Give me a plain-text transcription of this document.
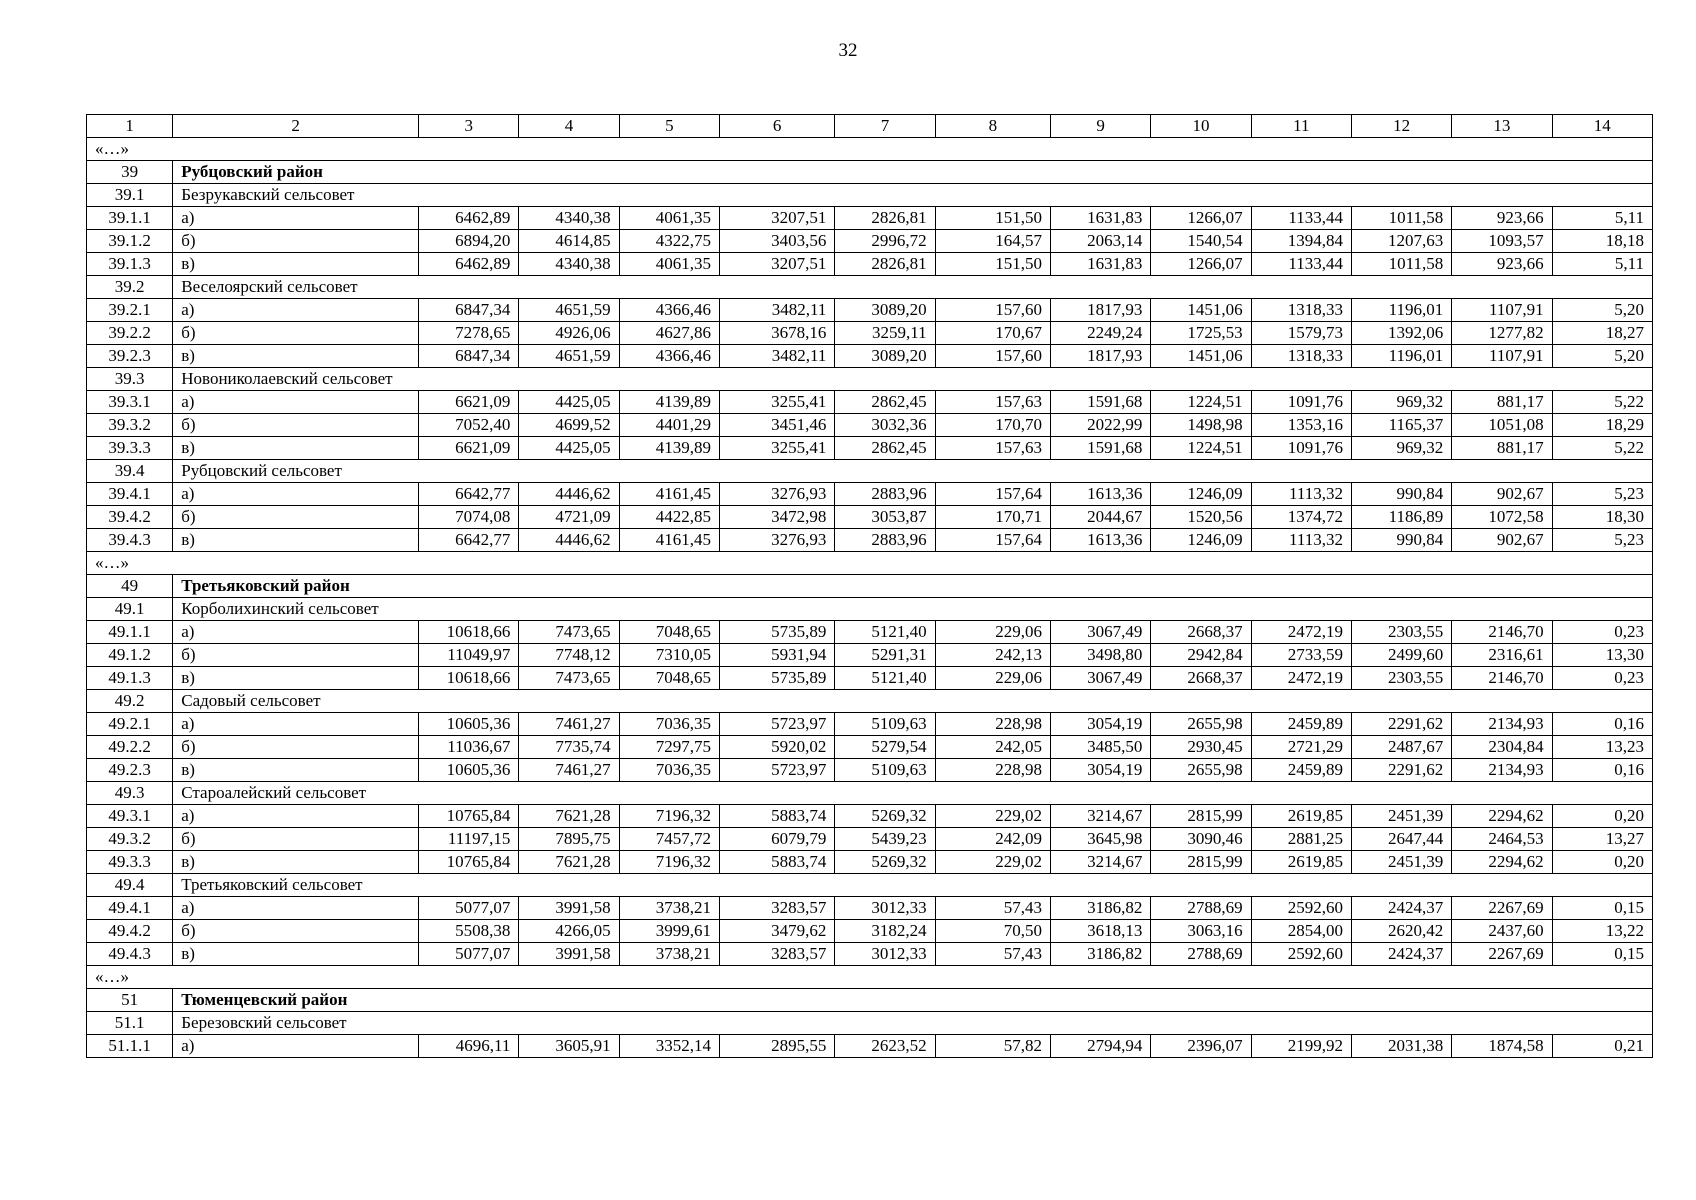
32
1	2	3	4	5	6	7	8	9	10	11	12	13	14
«…»													
39	Рубцовский район												
39.1	Безрукавский сельсовет												
39.1.1	а)	6462,89	4340,38	4061,35	3207,51	2826,81	151,50	1631,83	1266,07	1133,44	1011,58	923,66	5,11
39.1.2	б)	6894,20	4614,85	4322,75	3403,56	2996,72	164,57	2063,14	1540,54	1394,84	1207,63	1093,57	18,18
39.1.3	в)	6462,89	4340,38	4061,35	3207,51	2826,81	151,50	1631,83	1266,07	1133,44	1011,58	923,66	5,11
39.2	Веселоярский сельсовет												
39.2.1	а)	6847,34	4651,59	4366,46	3482,11	3089,20	157,60	1817,93	1451,06	1318,33	1196,01	1107,91	5,20
39.2.2	б)	7278,65	4926,06	4627,86	3678,16	3259,11	170,67	2249,24	1725,53	1579,73	1392,06	1277,82	18,27
39.2.3	в)	6847,34	4651,59	4366,46	3482,11	3089,20	157,60	1817,93	1451,06	1318,33	1196,01	1107,91	5,20
39.3	Новониколаевский сельсовет												
39.3.1	а)	6621,09	4425,05	4139,89	3255,41	2862,45	157,63	1591,68	1224,51	1091,76	969,32	881,17	5,22
39.3.2	б)	7052,40	4699,52	4401,29	3451,46	3032,36	170,70	2022,99	1498,98	1353,16	1165,37	1051,08	18,29
39.3.3	в)	6621,09	4425,05	4139,89	3255,41	2862,45	157,63	1591,68	1224,51	1091,76	969,32	881,17	5,22
39.4	Рубцовский сельсовет												
39.4.1	а)	6642,77	4446,62	4161,45	3276,93	2883,96	157,64	1613,36	1246,09	1113,32	990,84	902,67	5,23
39.4.2	б)	7074,08	4721,09	4422,85	3472,98	3053,87	170,71	2044,67	1520,56	1374,72	1186,89	1072,58	18,30
39.4.3	в)	6642,77	4446,62	4161,45	3276,93	2883,96	157,64	1613,36	1246,09	1113,32	990,84	902,67	5,23
«…»													
49	Третьяковский район												
49.1	Корболихинский сельсовет												
49.1.1	а)	10618,66	7473,65	7048,65	5735,89	5121,40	229,06	3067,49	2668,37	2472,19	2303,55	2146,70	0,23
49.1.2	б)	11049,97	7748,12	7310,05	5931,94	5291,31	242,13	3498,80	2942,84	2733,59	2499,60	2316,61	13,30
49.1.3	в)	10618,66	7473,65	7048,65	5735,89	5121,40	229,06	3067,49	2668,37	2472,19	2303,55	2146,70	0,23
49.2	Садовый сельсовет												
49.2.1	а)	10605,36	7461,27	7036,35	5723,97	5109,63	228,98	3054,19	2655,98	2459,89	2291,62	2134,93	0,16
49.2.2	б)	11036,67	7735,74	7297,75	5920,02	5279,54	242,05	3485,50	2930,45	2721,29	2487,67	2304,84	13,23
49.2.3	в)	10605,36	7461,27	7036,35	5723,97	5109,63	228,98	3054,19	2655,98	2459,89	2291,62	2134,93	0,16
49.3	Староалейский сельсовет												
49.3.1	а)	10765,84	7621,28	7196,32	5883,74	5269,32	229,02	3214,67	2815,99	2619,85	2451,39	2294,62	0,20
49.3.2	б)	11197,15	7895,75	7457,72	6079,79	5439,23	242,09	3645,98	3090,46	2881,25	2647,44	2464,53	13,27
49.3.3	в)	10765,84	7621,28	7196,32	5883,74	5269,32	229,02	3214,67	2815,99	2619,85	2451,39	2294,62	0,20
49.4	Третьяковский сельсовет												
49.4.1	а)	5077,07	3991,58	3738,21	3283,57	3012,33	57,43	3186,82	2788,69	2592,60	2424,37	2267,69	0,15
49.4.2	б)	5508,38	4266,05	3999,61	3479,62	3182,24	70,50	3618,13	3063,16	2854,00	2620,42	2437,60	13,22
49.4.3	в)	5077,07	3991,58	3738,21	3283,57	3012,33	57,43	3186,82	2788,69	2592,60	2424,37	2267,69	0,15
«…»													
51	Тюменцевский район												
51.1	Березовский сельсовет												
51.1.1	а)	4696,11	3605,91	3352,14	2895,55	2623,52	57,82	2794,94	2396,07	2199,92	2031,38	1874,58	0,21
